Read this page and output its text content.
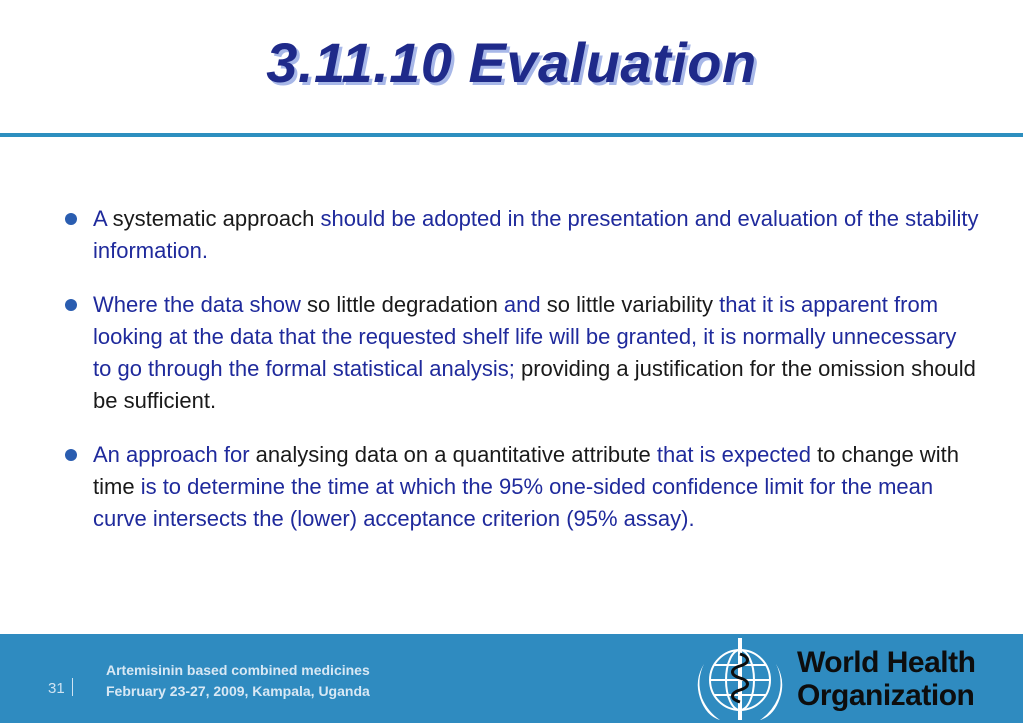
3.11.10 Evaluation
A systematic approach should be adopted in the presentation and evaluation of the stability information.
Where the data show so little degradation and so little variability that it is apparent from looking at the data that the requested shelf life will be granted, it is normally unnecessary to go through the formal statistical analysis; providing a justification for the omission should be sufficient.
An approach for analysing data on a quantitative attribute that is expected to change with time is to determine the time at which the 95% one-sided confidence limit for the mean curve intersects the (lower) acceptance criterion (95% assay).
31
Artemisinin based combined medicines
February 23-27, 2009, Kampala, Uganda
World Health
Organization
